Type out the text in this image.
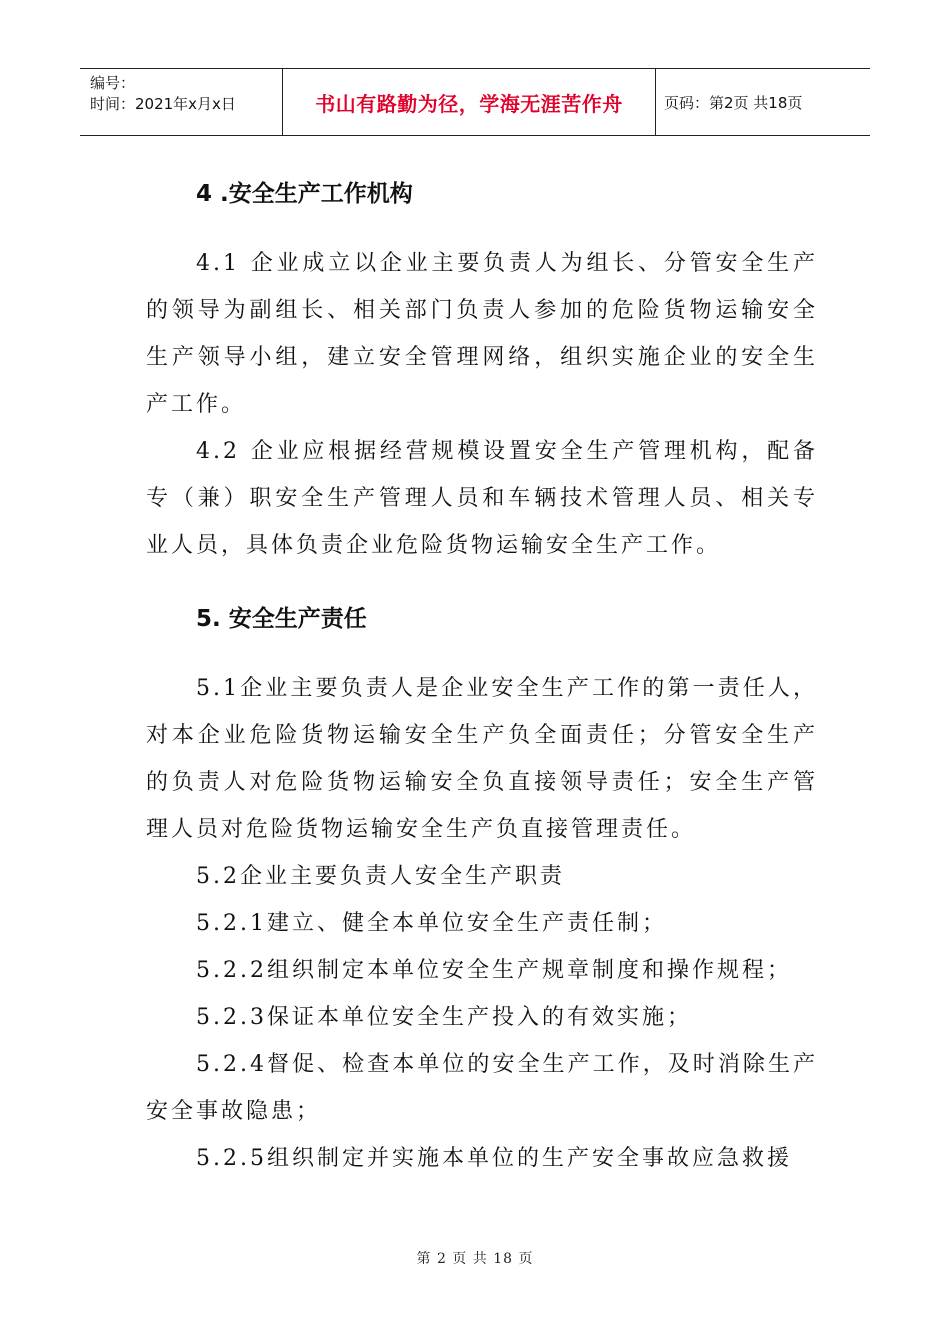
编号：
时间：2021年x月x日	书山有路勤为径，学海无涯苦作舟	页码：第2页 共18页
4 .安全生产工作机构

4.1 企业成立以企业主要负责人为组长、分管安全生产的领导为副组长、相关部门负责人参加的危险货物运输安全生产领导小组，建立安全管理网络，组织实施企业的安全生产工作。

4.2 企业应根据经营规模设置安全生产管理机构，配备专（兼）职安全生产管理人员和车辆技术管理人员、相关专业人员，具体负责企业危险货物运输安全生产工作。

5. 安全生产责任

5.1企业主要负责人是企业安全生产工作的第一责任人，对本企业危险货物运输安全生产负全面责任；分管安全生产的负责人对危险货物运输安全负直接领导责任；安全生产管理人员对危险货物运输安全生产负直接管理责任。

5.2企业主要负责人安全生产职责

5.2.1建立、健全本单位安全生产责任制；

5.2.2组织制定本单位安全生产规章制度和操作规程；

5.2.3保证本单位安全生产投入的有效实施；

5.2.4督促、检查本单位的安全生产工作，及时消除生产安全事故隐患；

5.2.5组织制定并实施本单位的生产安全事故应急救援

第 2 页 共 18 页
